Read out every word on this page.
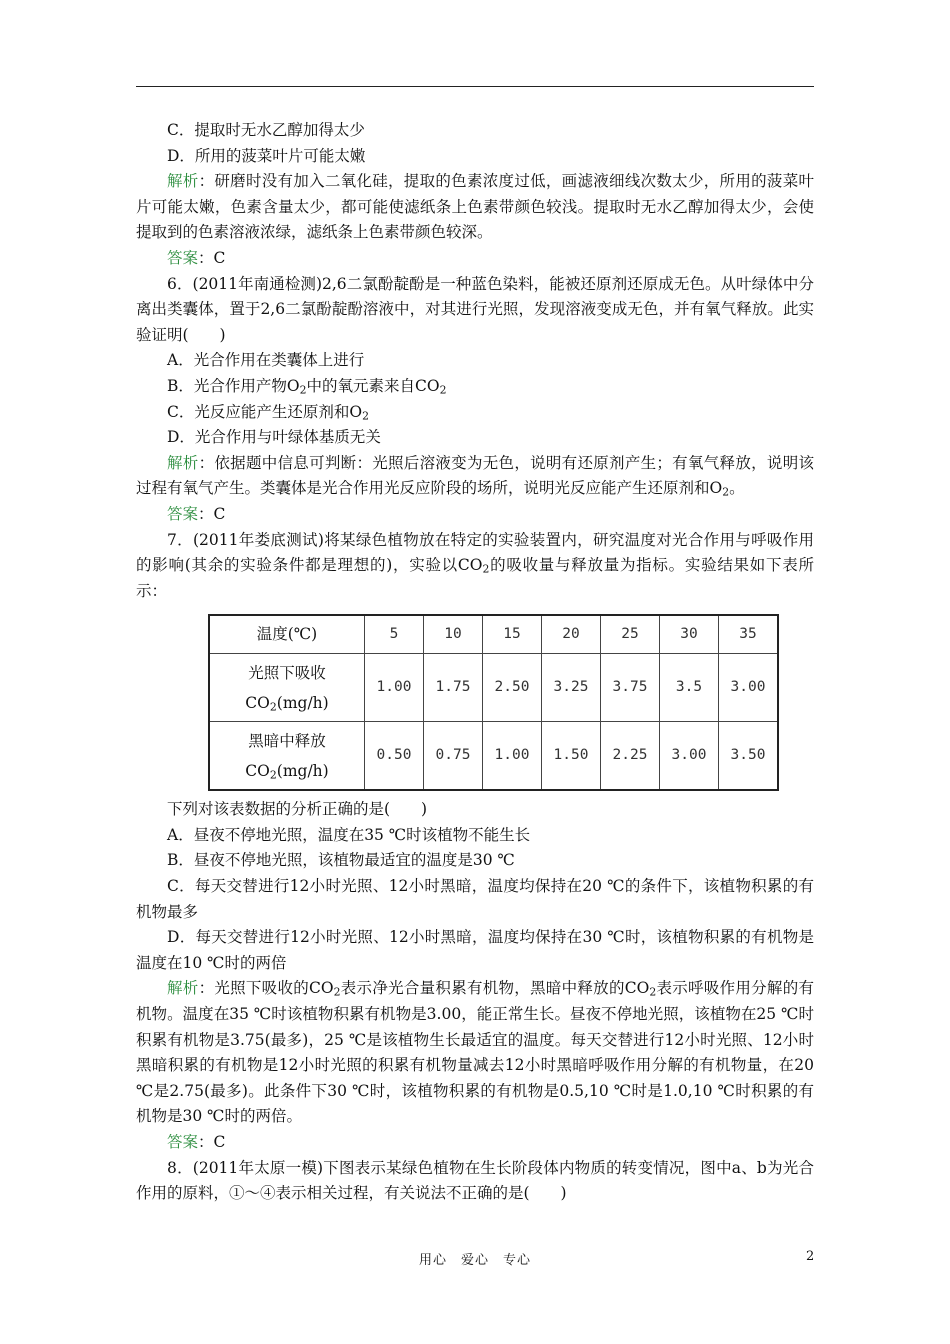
C．提取时无水乙醇加得太少

D．所用的菠菜叶片可能太嫩

解析：研磨时没有加入二氧化硅，提取的色素浓度过低，画滤液细线次数太少，所用的菠菜叶片可能太嫩，色素含量太少，都可能使滤纸条上色素带颜色较浅。提取时无水乙醇加得太少，会使提取到的色素溶液浓绿，滤纸条上色素带颜色较深。

答案：C

6．(2011年南通检测)2,6二氯酚靛酚是一种蓝色染料，能被还原剂还原成无色。从叶绿体中分离出类囊体，置于2,6二氯酚靛酚溶液中，对其进行光照，发现溶液变成无色，并有氧气释放。此实验证明(　　)

A．光合作用在类囊体上进行

B．光合作用产物$O_2$中的氧元素来自$CO_2$

C．光反应能产生还原剂和$O_2$

D．光合作用与叶绿体基质无关

解析：依据题中信息可判断：光照后溶液变为无色，说明有还原剂产生；有氧气释放，说明该过程有氧气产生。类囊体是光合作用光反应阶段的场所，说明光反应能产生还原剂和$O_2$。

答案：C

7．(2011年娄底测试)将某绿色植物放在特定的实验装置内，研究温度对光合作用与呼吸作用的影响(其余的实验条件都是理想的)，实验以$CO_2$的吸收量与释放量为指标。实验结果如下表所示：

温度(℃)	5	10	15	20	25	30	35
光照下吸收
$CO_2(mg/h)$	1.00	1.75	2.50	3.25	3.75	3.5	3.00
黑暗中释放
$CO_2(mg/h)$	0.50	0.75	1.00	1.50	2.25	3.00	3.50

下列对该表数据的分析正确的是(　　)

A．昼夜不停地光照，温度在35 ℃时该植物不能生长

B．昼夜不停地光照，该植物最适宜的温度是30 ℃

C．每天交替进行12小时光照、12小时黑暗，温度均保持在20 ℃的条件下，该植物积累的有机物最多

D．每天交替进行12小时光照、12小时黑暗，温度均保持在30 ℃时，该植物积累的有机物是温度在10 ℃时的两倍

解析：光照下吸收的$CO_2$表示净光合量积累有机物，黑暗中释放的$CO_2$表示呼吸作用分解的有机物。温度在35 ℃时该植物积累有机物是3.00，能正常生长。昼夜不停地光照，该植物在25 ℃时积累有机物是3.75(最多)，25 ℃是该植物生长最适宜的温度。每天交替进行12小时光照、12小时黑暗积累的有机物是12小时光照的积累有机物量减去12小时黑暗呼吸作用分解的有机物量，在20 ℃是2.75(最多)。此条件下30 ℃时，该植物积累的有机物是0.5,10 ℃时是1.0,10 ℃时积累的有机物是30 ℃时的两倍。

答案：C

8．(2011年太原一模)下图表示某绿色植物在生长阶段体内物质的转变情况，图中a、b为光合作用的原料，①～④表示相关过程，有关说法不正确的是(　　)

用心　爱心　专心	2
